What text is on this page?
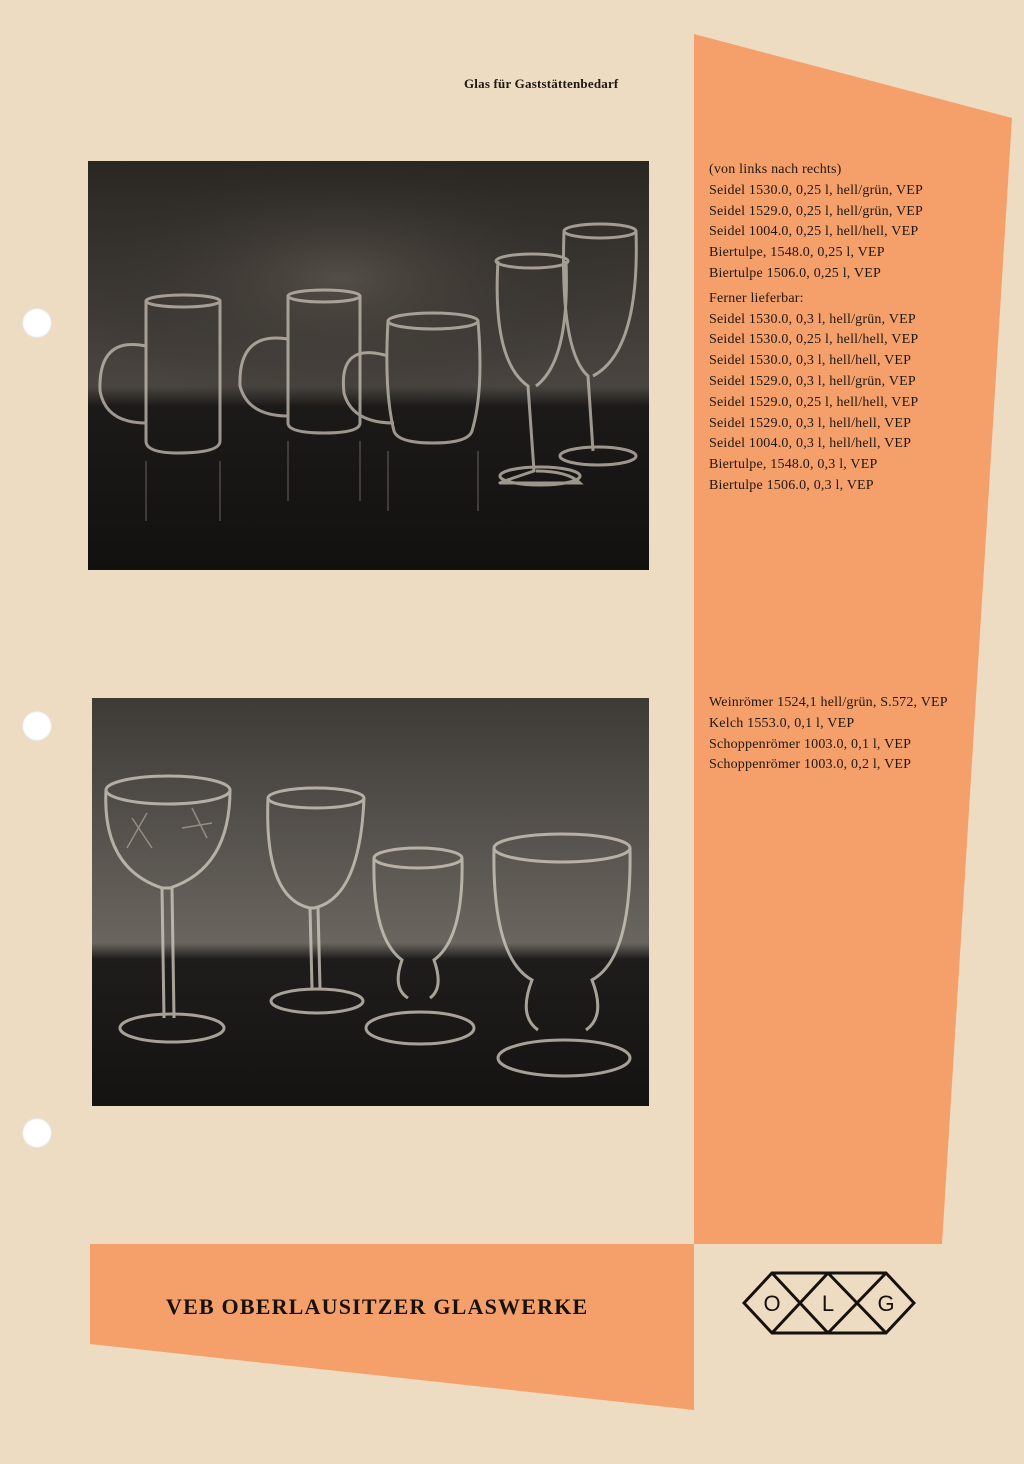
Glas für Gaststättenbedarf
(von links nach rechts)
Seidel 1530.0, 0,25 l, hell/grün, VEP
Seidel 1529.0, 0,25 l, hell/grün, VEP
Seidel 1004.0, 0,25 l, hell/hell, VEP
Biertulpe, 1548.0, 0,25 l, VEP
Biertulpe 1506.0, 0,25 l, VEP
Ferner lieferbar:
Seidel 1530.0, 0,3 l, hell/grün, VEP
Seidel 1530.0, 0,25 l, hell/hell, VEP
Seidel 1530.0, 0,3 l, hell/hell, VEP
Seidel 1529.0, 0,3 l, hell/grün, VEP
Seidel 1529.0, 0,25 l, hell/hell, VEP
Seidel 1529.0, 0,3 l, hell/hell, VEP
Seidel 1004.0, 0,3 l, hell/hell, VEP
Biertulpe, 1548.0, 0,3 l, VEP
Biertulpe 1506.0, 0,3 l, VEP
Weinrömer 1524,1 hell/grün, S.572, VEP
Kelch 1553.0, 0,1 l, VEP
Schoppenrömer 1003.0, 0,1 l, VEP
Schoppenrömer 1003.0, 0,2 l, VEP
VEB OBERLAUSITZER GLASWERKE	O L G
